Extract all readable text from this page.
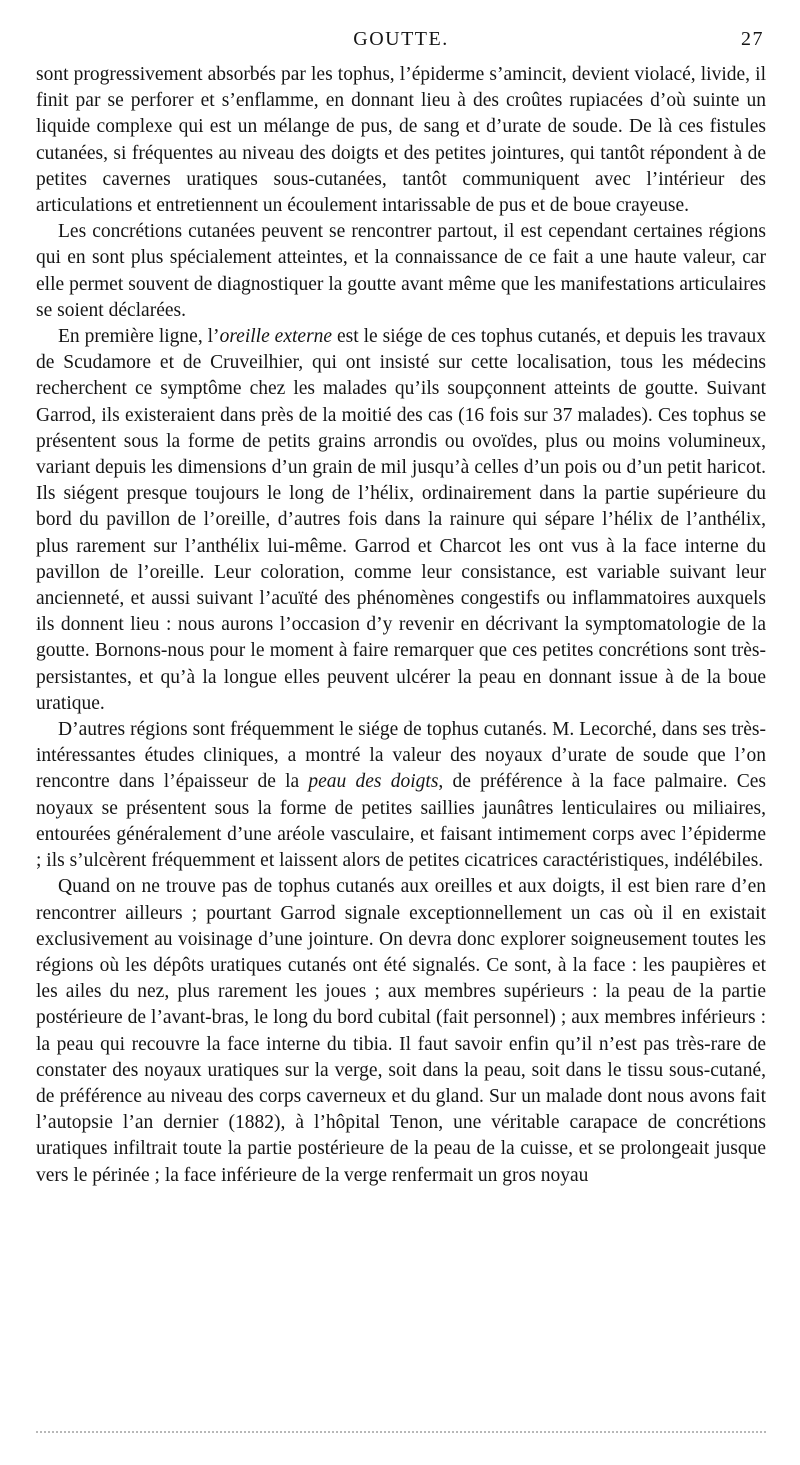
GOUTTE.	27

sont progressivement absorbés par les tophus, l’épiderme s’amincit, devient violacé, livide, il finit par se perforer et s’enflamme, en donnant lieu à des croûtes rupiacées d’où suinte un liquide complexe qui est un mélange de pus, de sang et d’urate de soude. De là ces fistules cutanées, si fréquentes au niveau des doigts et des petites jointures, qui tantôt répondent à de petites cavernes uratiques sous-cutanées, tantôt communiquent avec l’intérieur des articulations et entretiennent un écoulement intarissable de pus et de boue crayeuse.

Les concrétions cutanées peuvent se rencontrer partout, il est cependant certaines régions qui en sont plus spécialement atteintes, et la connaissance de ce fait a une haute valeur, car elle permet souvent de diagnostiquer la goutte avant même que les manifestations articulaires se soient déclarées.

En première ligne, l’oreille externe est le siége de ces tophus cutanés, et depuis les travaux de Scudamore et de Cruveilhier, qui ont insisté sur cette localisation, tous les médecins recherchent ce symptôme chez les malades qu’ils soupçonnent atteints de goutte. Suivant Garrod, ils existeraient dans près de la moitié des cas (16 fois sur 37 malades). Ces tophus se présentent sous la forme de petits grains arrondis ou ovoïdes, plus ou moins volumineux, variant depuis les dimensions d’un grain de mil jusqu’à celles d’un pois ou d’un petit haricot. Ils siégent presque toujours le long de l’hélix, ordinairement dans la partie supérieure du bord du pavillon de l’oreille, d’autres fois dans la rainure qui sépare l’hélix de l’anthélix, plus rarement sur l’anthélix lui-même. Garrod et Charcot les ont vus à la face interne du pavillon de l’oreille. Leur coloration, comme leur consistance, est variable suivant leur ancienneté, et aussi suivant l’acuïté des phénomènes congestifs ou inflammatoires auxquels ils donnent lieu : nous aurons l’occasion d’y revenir en décrivant la symptomatologie de la goutte. Bornons-nous pour le moment à faire remarquer que ces petites concrétions sont très-persistantes, et qu’à la longue elles peuvent ulcérer la peau en donnant issue à de la boue uratique.

D’autres régions sont fréquemment le siége de tophus cutanés. M. Lecorché, dans ses très-intéressantes études cliniques, a montré la valeur des noyaux d’urate de soude que l’on rencontre dans l’épaisseur de la peau des doigts, de préférence à la face palmaire. Ces noyaux se présentent sous la forme de petites saillies jaunâtres lenticulaires ou miliaires, entourées généralement d’une aréole vasculaire, et faisant intimement corps avec l’épiderme ; ils s’ulcèrent fréquemment et laissent alors de petites cicatrices caractéristiques, indélébiles.

Quand on ne trouve pas de tophus cutanés aux oreilles et aux doigts, il est bien rare d’en rencontrer ailleurs ; pourtant Garrod signale exceptionnellement un cas où il en existait exclusivement au voisinage d’une jointure. On devra donc explorer soigneusement toutes les régions où les dépôts uratiques cutanés ont été signalés. Ce sont, à la face : les paupières et les ailes du nez, plus rarement les joues ; aux membres supérieurs : la peau de la partie postérieure de l’avant-bras, le long du bord cubital (fait personnel) ; aux membres inférieurs : la peau qui recouvre la face interne du tibia. Il faut savoir enfin qu’il n’est pas très-rare de constater des noyaux uratiques sur la verge, soit dans la peau, soit dans le tissu sous-cutané, de préférence au niveau des corps caverneux et du gland. Sur un malade dont nous avons fait l’autopsie l’an dernier (1882), à l’hôpital Tenon, une véritable carapace de concrétions uratiques infiltrait toute la partie postérieure de la peau de la cuisse, et se prolongeait jusque vers le périnée ; la face inférieure de la verge renfermait un gros noyau
